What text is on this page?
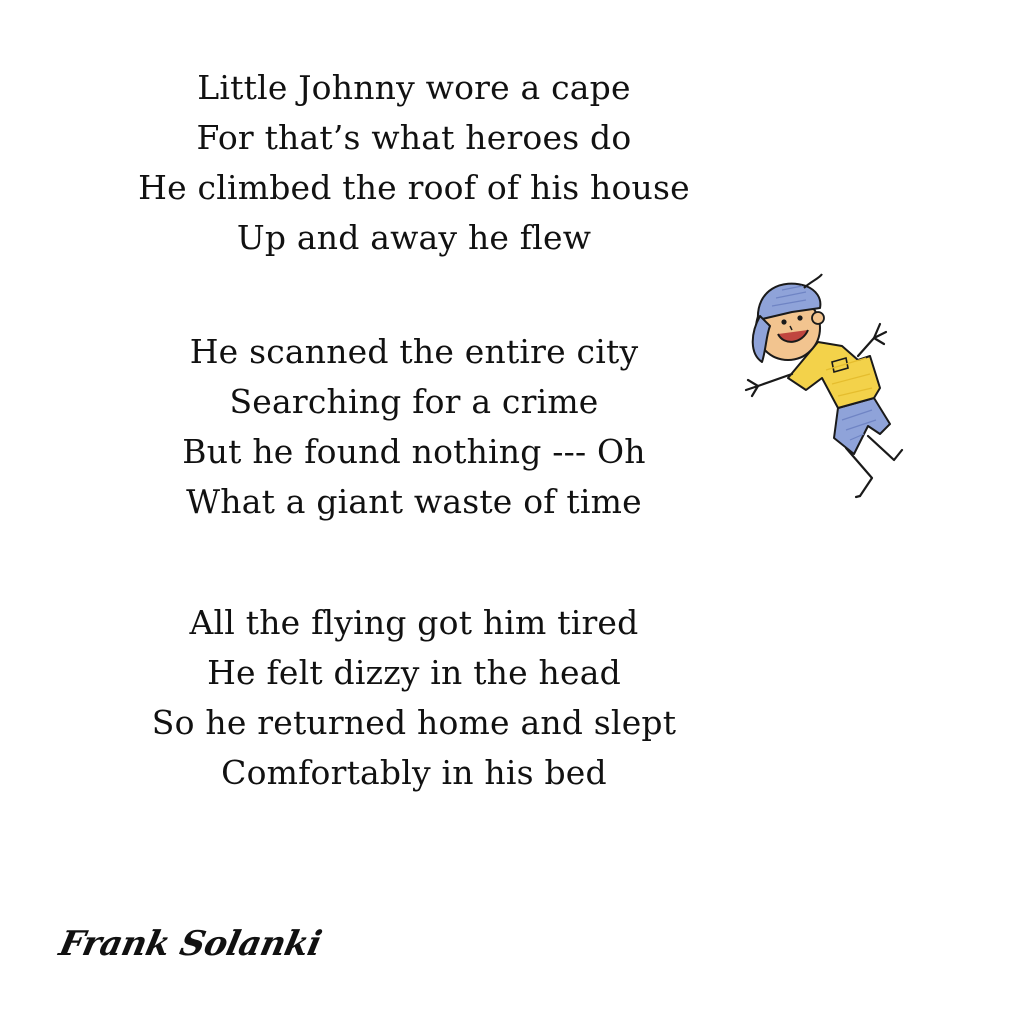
Little Johnny wore a cape
For that’s what heroes do
He climbed the roof of his house
Up and away he flew
He scanned the entire city
Searching for a crime
But he found nothing --- Oh
What a giant waste of time
All the flying got him tired
He felt dizzy in the head
So he returned home and slept
Comfortably in his bed
Frank Solanki
